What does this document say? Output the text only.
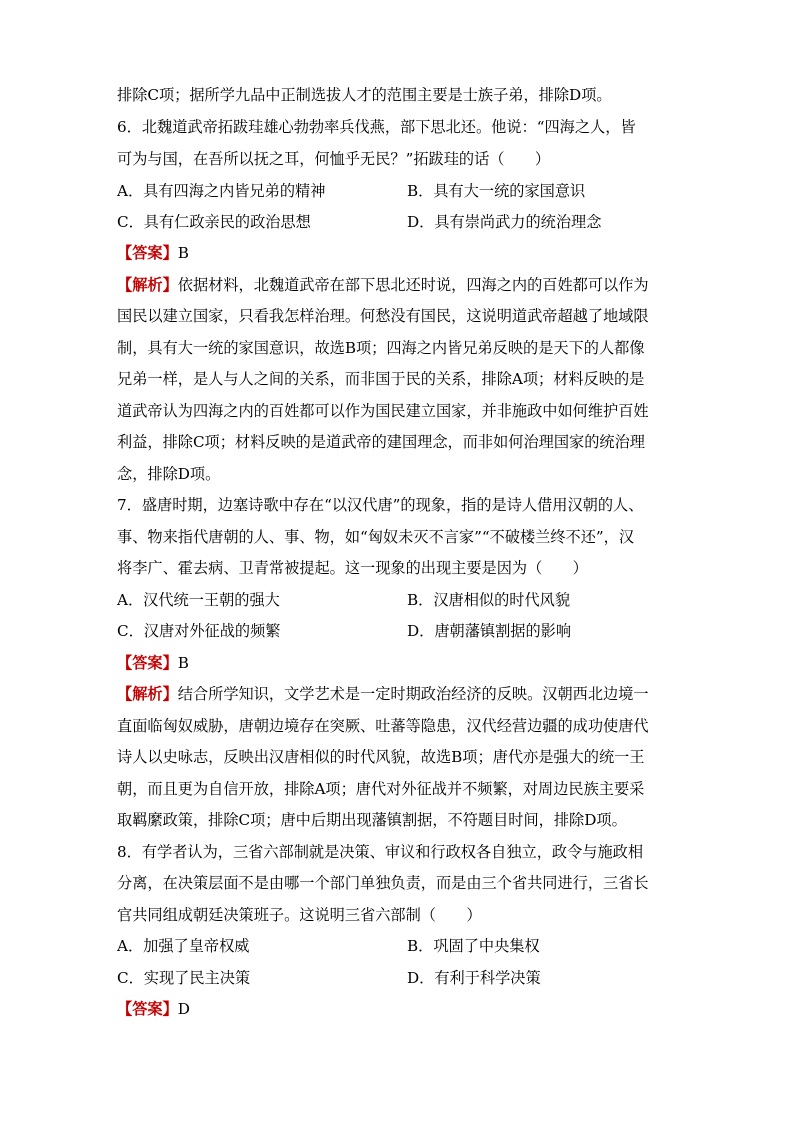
排除C项；据所学九品中正制选拔人才的范围主要是士族子弟，排除D项。
6．北魏道武帝拓跋珪雄心勃勃率兵伐燕，部下思北还。他说：“四海之人，皆
可为与国，在吾所以抚之耳，何恤乎无民？”拓跋珪的话（　　）
A．具有四海之内皆兄弟的精神	B．具有大一统的家国意识
C．具有仁政亲民的政治思想	D．具有崇尚武力的统治理念
【答案】B
【解析】依据材料，北魏道武帝在部下思北还时说，四海之内的百姓都可以作为
国民以建立国家，只看我怎样治理。何愁没有国民，这说明道武帝超越了地域限
制，具有大一统的家国意识，故选B项；四海之内皆兄弟反映的是天下的人都像
兄弟一样，是人与人之间的关系，而非国于民的关系，排除A项；材料反映的是
道武帝认为四海之内的百姓都可以作为国民建立国家，并非施政中如何维护百姓
利益，排除C项；材料反映的是道武帝的建国理念，而非如何治理国家的统治理
念，排除D项。
7．盛唐时期，边塞诗歌中存在“以汉代唐”的现象，指的是诗人借用汉朝的人、
事、物来指代唐朝的人、事、物，如“匈奴未灭不言家”“不破楼兰终不还”，汉
将李广、霍去病、卫青常被提起。这一现象的出现主要是因为（　　）
A．汉代统一王朝的强大	B．汉唐相似的时代风貌
C．汉唐对外征战的频繁	D．唐朝藩镇割据的影响
【答案】B
【解析】结合所学知识，文学艺术是一定时期政治经济的反映。汉朝西北边境一
直面临匈奴威胁，唐朝边境存在突厥、吐蕃等隐患，汉代经营边疆的成功使唐代
诗人以史咏志，反映出汉唐相似的时代风貌，故选B项；唐代亦是强大的统一王
朝，而且更为自信开放，排除A项；唐代对外征战并不频繁，对周边民族主要采
取羁縻政策，排除C项；唐中后期出现藩镇割据，不符题目时间，排除D项。
8．有学者认为，三省六部制就是决策、审议和行政权各自独立，政令与施政相
分离，在决策层面不是由哪一个部门单独负责，而是由三个省共同进行，三省长
官共同组成朝廷决策班子。这说明三省六部制（　　）
A．加强了皇帝权威	B．巩固了中央集权
C．实现了民主决策	D．有利于科学决策
【答案】D
